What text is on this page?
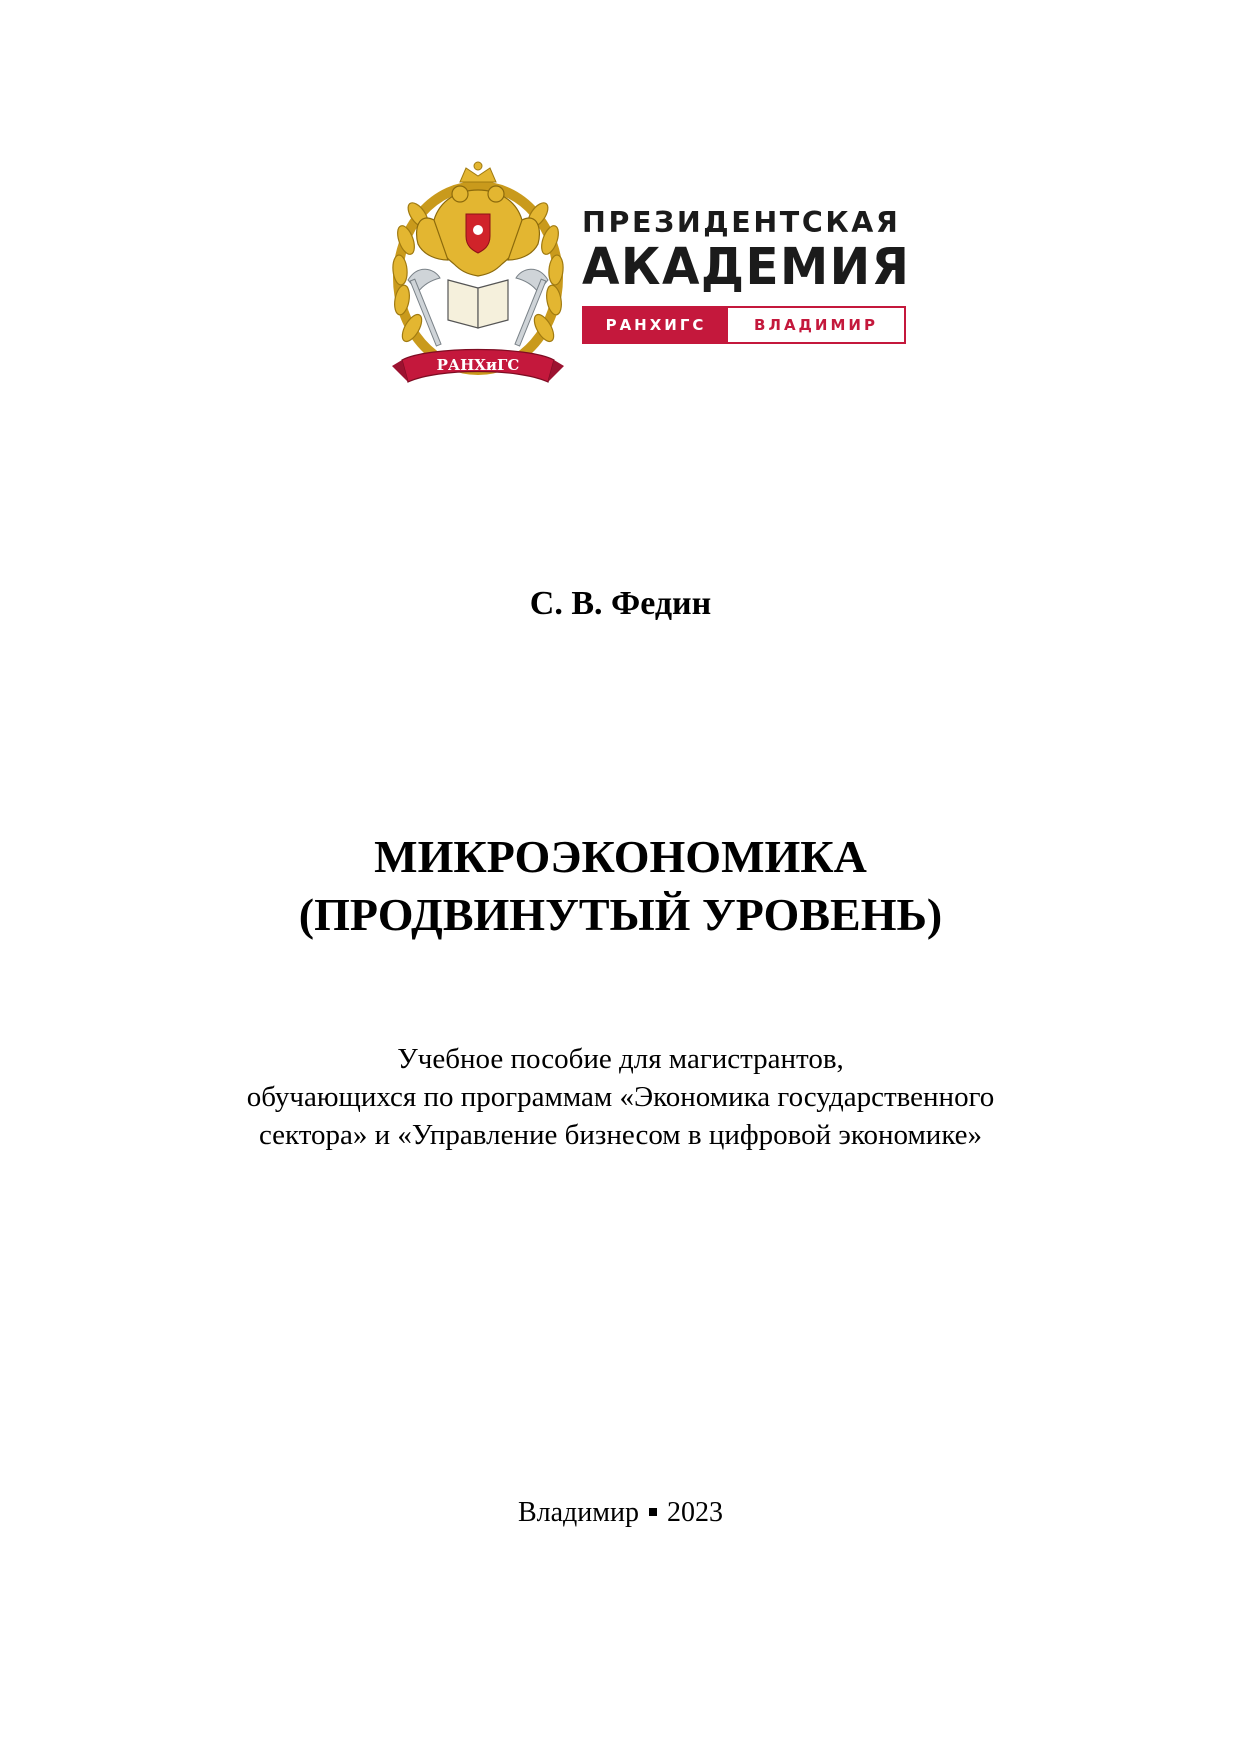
РАНХиГС
ПРЕЗИДЕНТСКАЯ
АКАДЕМИЯ
РАНХИГС	ВЛАДИМИР
С. В. Федин
МИКРОЭКОНОМИКА
(ПРОДВИНУТЫЙ УРОВЕНЬ)
Учебное пособие для магистрантов,
обучающихся по программам «Экономика государственного
сектора» и «Управление бизнесом в цифровой экономике»
Владимир 2023
